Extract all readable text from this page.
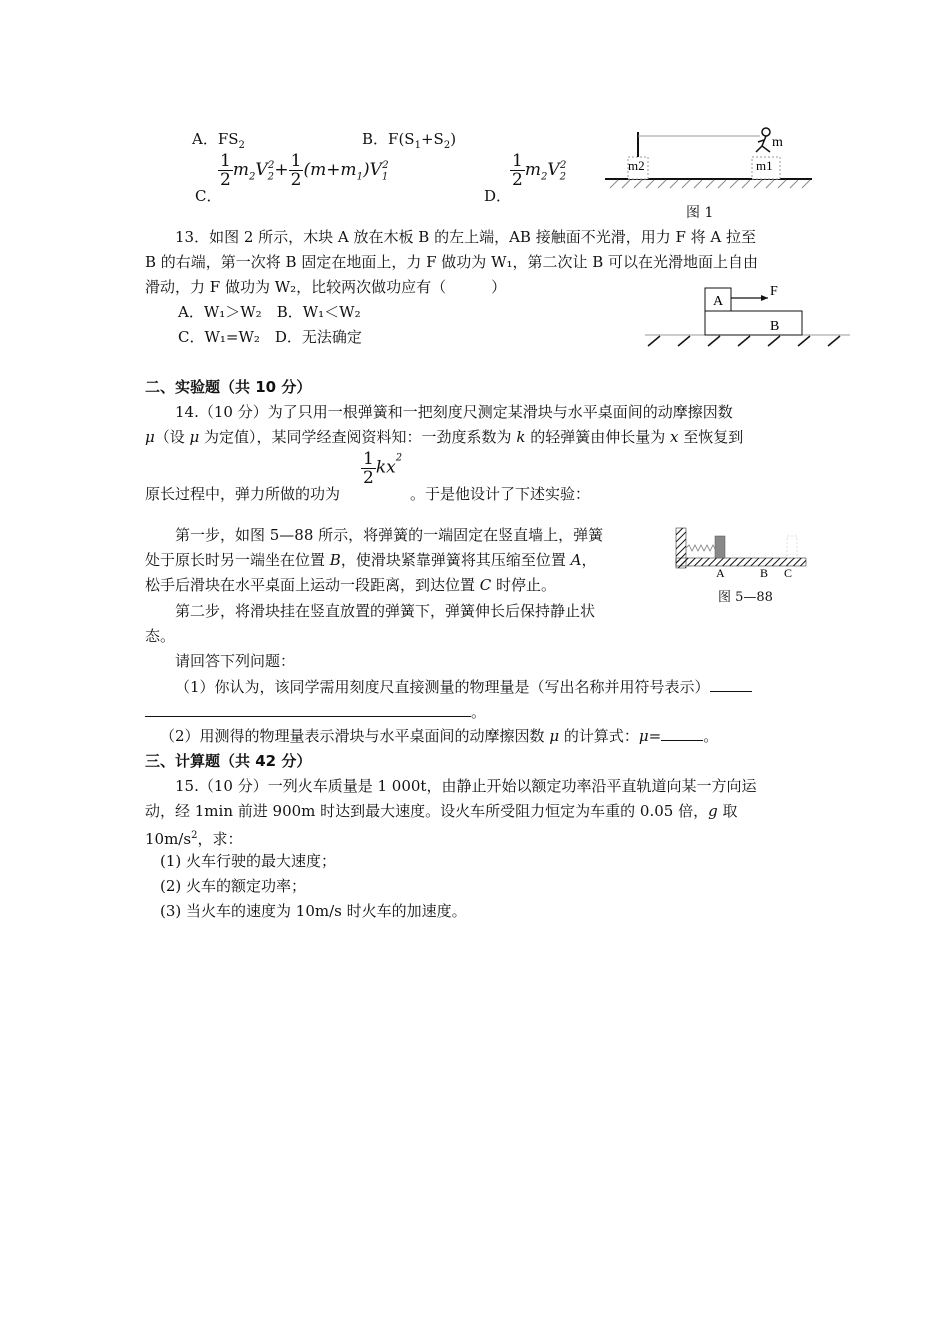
A．$FS_2$	B．$F(S_1+S_2)$
C．
$\frac{1}{2} m_2V_2^2+ \frac{1}{2} (m+m_1)V_1^2$
D．
$\frac{1}{2} m_2V_2^2$	m2	m1
m
图 1
13．如图 2 所示，木块 A 放在木板 B 的左上端，AB 接触面不光滑，用力 F 将 A 拉至
B 的右端，第一次将 B 固定在地面上，力 F 做功为 W₁，第二次让 B 可以在光滑地面上自由
滑动，力 F 做功为 W₂，比较两次做功应有（　　　）
A．W₁＞W₂　B．W₁＜W₂
C．W₁=W₂　D．无法确定
A
F
B
二、实验题（共 10 分）
14.（10 分）为了只用一根弹簧和一把刻度尺测定某滑块与水平桌面间的动摩擦因数
μ（设 μ 为定值），某同学经查阅资料知：一劲度系数为 k 的轻弹簧由伸长量为 x 至恢复到
原长过程中，弹力所做的功为
$\frac{1}{2} kx^2$
。于是他设计了下述实验：
第一步，如图 5—88 所示，将弹簧的一端固定在竖直墙上，弹簧
处于原长时另一端坐在位置 B，使滑块紧靠弹簧将其压缩至位置 A，
松手后滑块在水平桌面上运动一段距离，到达位置 C 时停止。
第二步，将滑块挂在竖直放置的弹簧下，弹簧伸长后保持静止状
态。
A	B C
图 5—88
请回答下列问题：
（1）你认为，该同学需用刻度尺直接测量的物理量是（写出名称并用符号表示）
。
（2）用测得的物理量表示滑块与水平桌面间的动摩擦因数 μ 的计算式：μ=	。
三、计算题（共 42 分）
15.（10 分）一列火车质量是 1 000t，由静止开始以额定功率沿平直轨道向某一方向运
动，经 1min 前进 900m 时达到最大速度。设火车所受阻力恒定为车重的 0.05 倍，g 取
$10m/s^2$，求：
(1) 火车行驶的最大速度；
(2) 火车的额定功率；
(3) 当火车的速度为 10m/s 时火车的加速度。
